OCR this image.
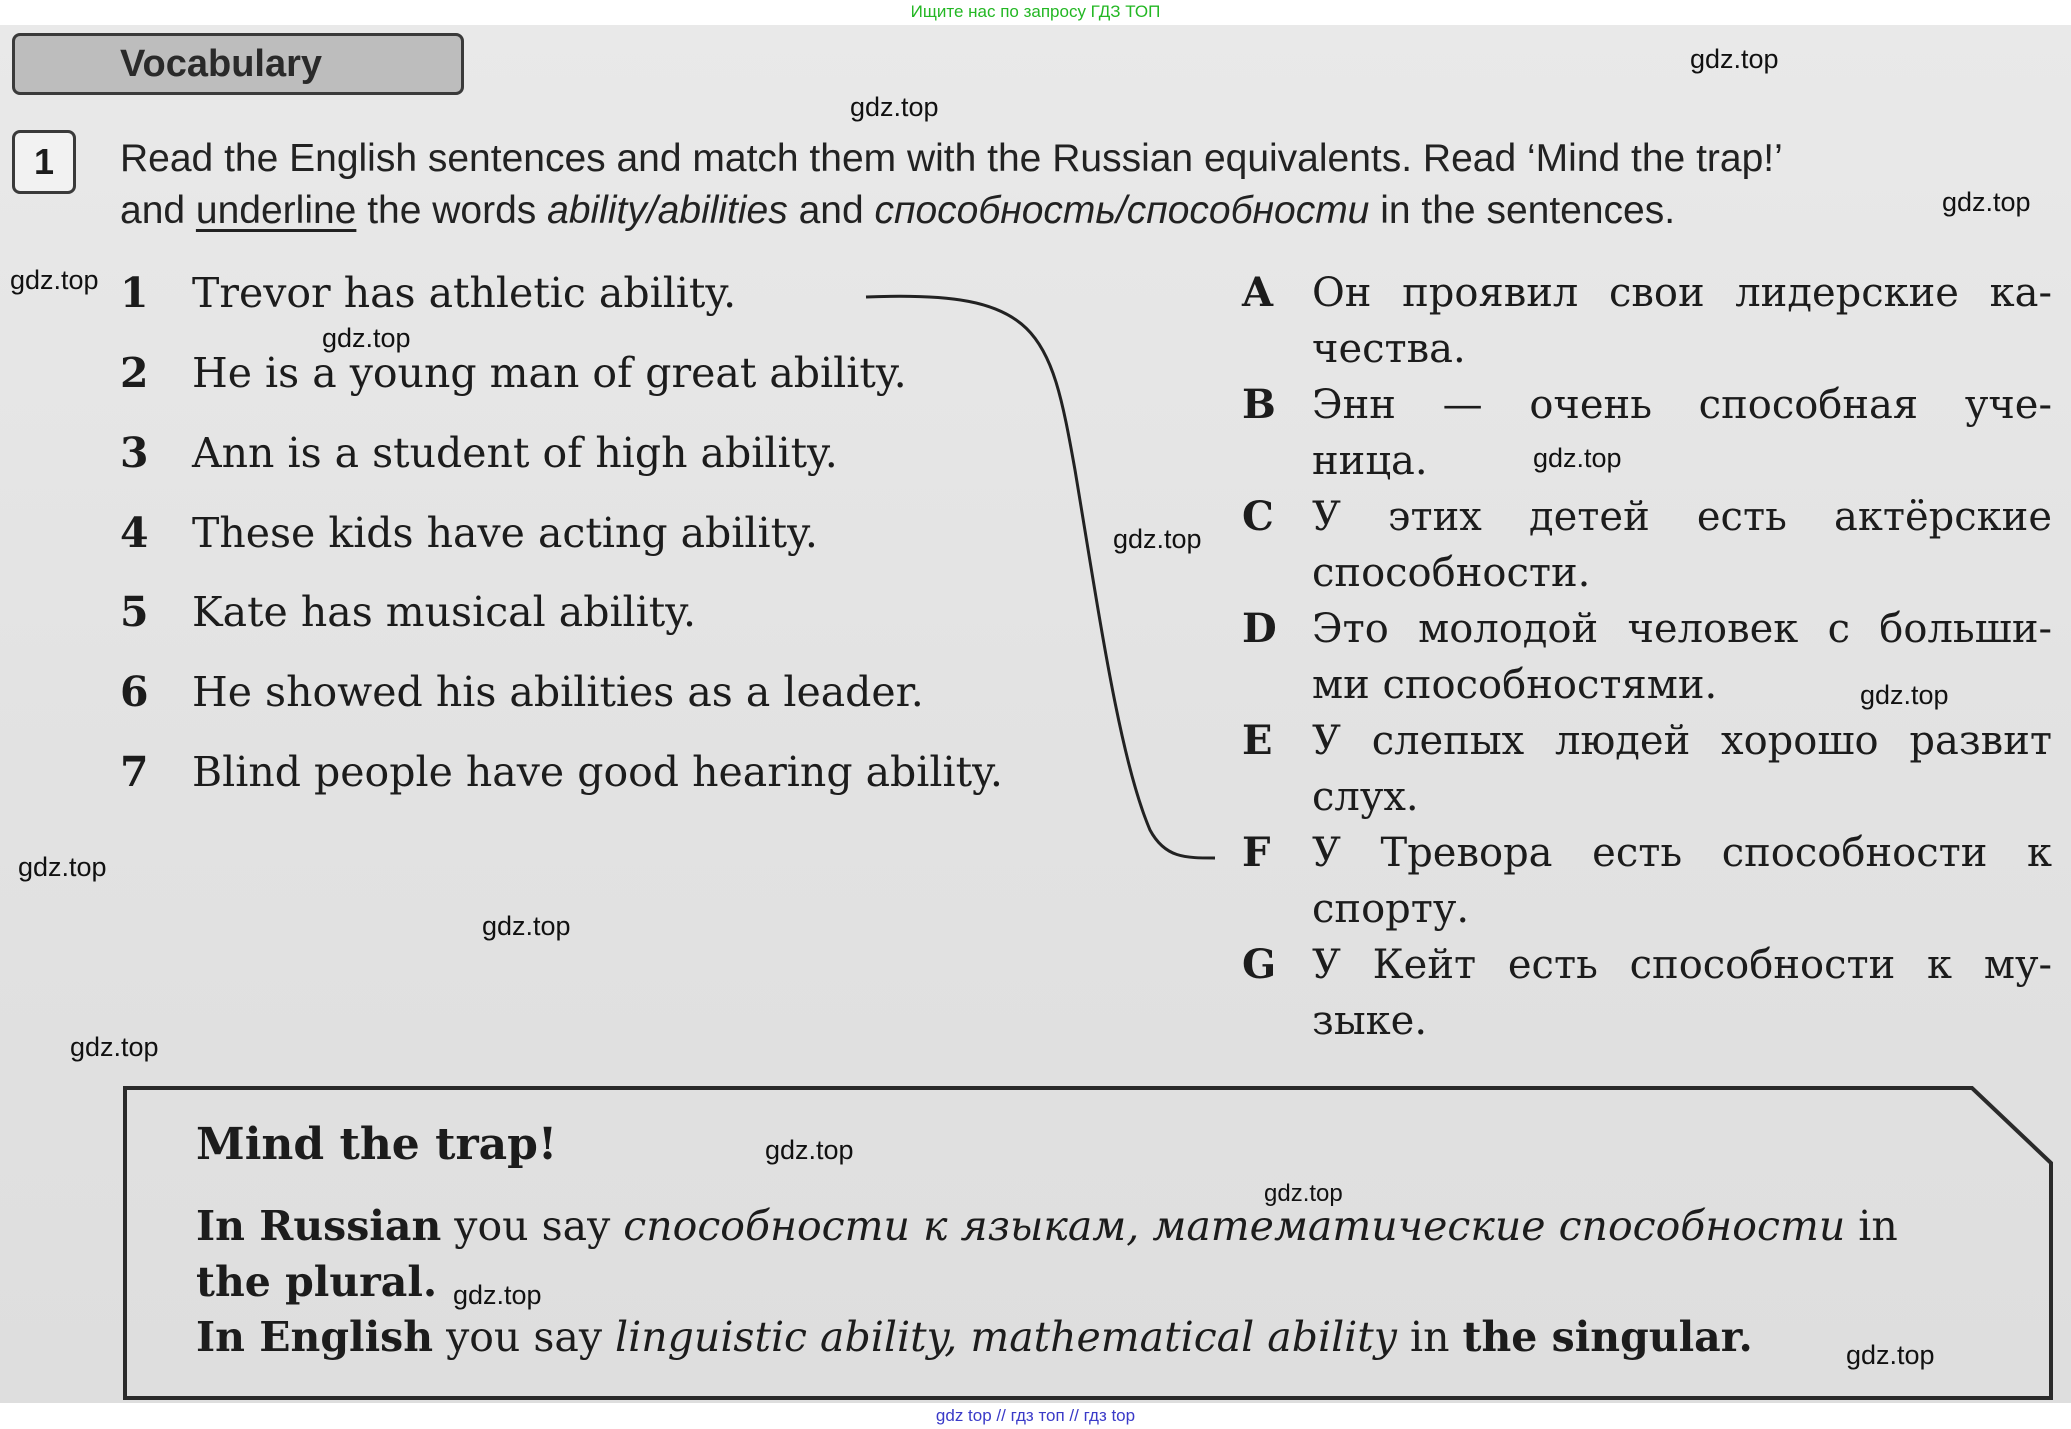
Ищите нас по запросу ГДЗ ТОП
Vocabulary
1	Read the English sentences and match them with the Russian equivalents. Read ‘Mind the trap!’
and underline the words ability/abilities and способность/способности in the sentences.
1 Trevor has athletic ability.
2 He is a young man of great ability.
3 Ann is a student of high ability.
4 These kids have acting ability.
5 Kate has musical ability.
6 He showed his abilities as a leader.
7 Blind people have good hearing ability.
A Он проявил свои лидерские ка-
чества.
B Энн — очень способная уче-
ница.
C У этих детей есть актёрские
способности.
D Это молодой человек с больши-
ми способностями.
E У слепых людей хорошо развит
слух.
F У Тревора есть способности к
спорту.
G У Кейт есть способности к му-
зыке.
Mind the trap!
In Russian you say способности к языкам, математические способности in
the plural.
In English you say linguistic ability, mathematical ability in the singular.
gdz.top
gdz.top
gdz.top
gdz.top
gdz.top
gdz.top
gdz.top
gdz.top
gdz.top
gdz.top
gdz.top
gdz.top
gdz.top
gdz.top
gdz.top
gdz top // гдз топ // гдз top
